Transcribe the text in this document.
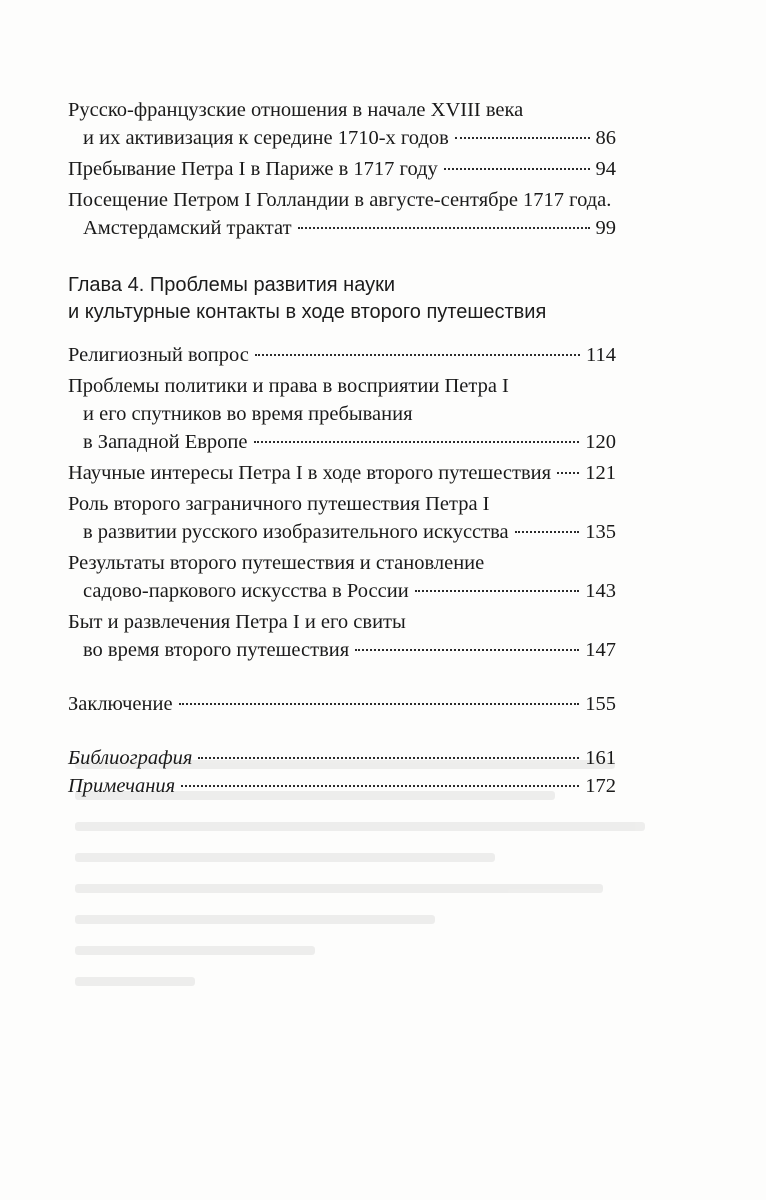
Русско-французские отношения в начале XVIII века
и их активизация к середине 1710-х годов	86
Пребывание Петра I в Париже в 1717 году	94
Посещение Петром I Голландии в августе-сентябре 1717 года.
Амстердамский трактат	99
Глава 4. Проблемы развития науки
и культурные контакты в ходе второго путешествия
Религиозный вопрос	114
Проблемы политики и права в восприятии Петра I
и его спутников во время пребывания
в Западной Европе	120
Научные интересы Петра I в ходе второго путешествия 121
Роль второго заграничного путешествия Петра I
в развитии русского изобразительного искусства	135
Результаты второго путешествия и становление
садово-паркового искусства в России	143
Быт и развлечения Петра I и его свиты
во время второго путешествия	147
Заключение	155
Библиография	161
Примечания	172
